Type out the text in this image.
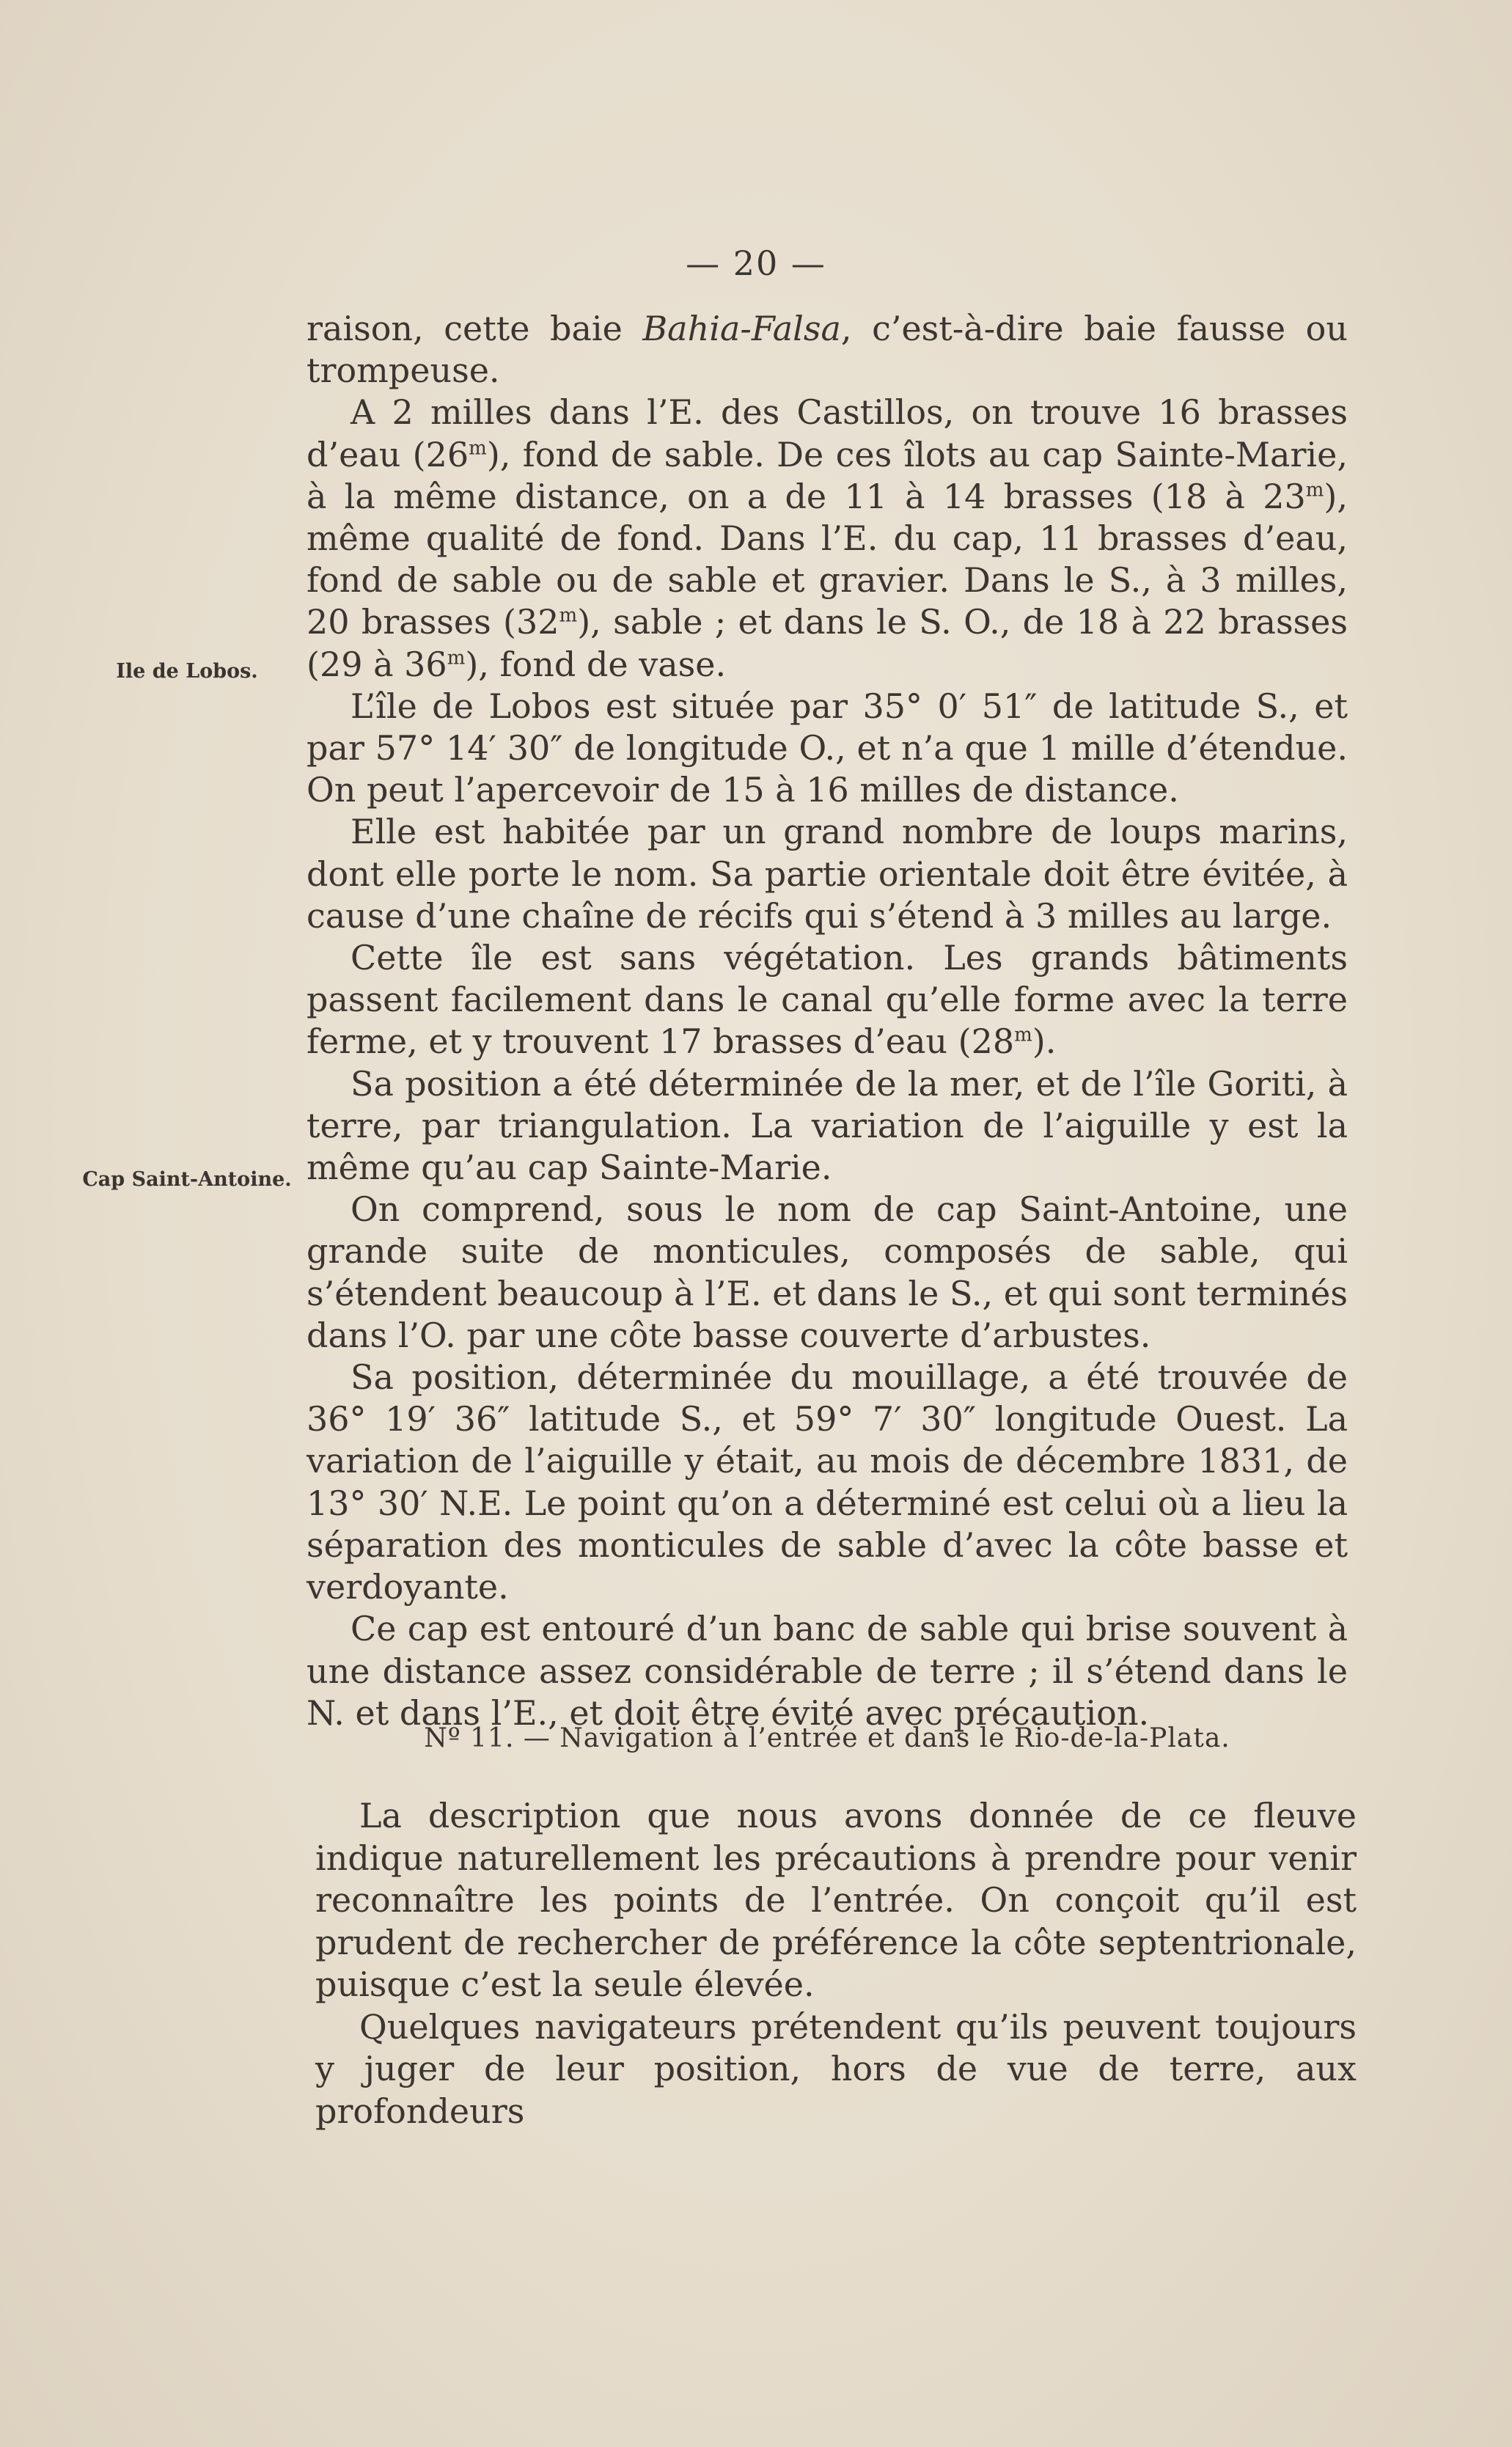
— 20 —
Ile de Lobos.
Cap Saint-Antoine.

raison, cette baie Bahia-Falsa, c’est-à-dire baie fausse ou trompeuse.

A 2 milles dans l’E. des Castillos, on trouve 16 brasses d’eau (26$^m$), fond de sable. De ces îlots au cap Sainte-Marie, à la même distance, on a de 11 à 14 brasses (18 à 23$^m$), même qualité de fond. Dans l’E. du cap, 11 brasses d’eau, fond de sable ou de sable et gravier. Dans le S., à 3 milles, 20 brasses (32$^m$), sable ; et dans le S. O., de 18 à 22 brasses (29 à 36$^m$), fond de vase.

L’île de Lobos est située par 35° 0′ 51″ de latitude S., et par 57° 14′ 30″ de longitude O., et n’a que 1 mille d’étendue. On peut l’apercevoir de 15 à 16 milles de distance.

Elle est habitée par un grand nombre de loups marins, dont elle porte le nom. Sa partie orientale doit être évitée, à cause d’une chaîne de récifs qui s’étend à 3 milles au large.

Cette île est sans végétation. Les grands bâtiments passent facilement dans le canal qu’elle forme avec la terre ferme, et y trouvent 17 brasses d’eau (28$^m$).

Sa position a été déterminée de la mer, et de l’île Goriti, à terre, par triangulation. La variation de l’aiguille y est la même qu’au cap Sainte-Marie.

On comprend, sous le nom de cap Saint-Antoine, une grande suite de monticules, composés de sable, qui s’étendent beaucoup à l’E. et dans le S., et qui sont terminés dans l’O. par une côte basse couverte d’arbustes.

Sa position, déterminée du mouillage, a été trouvée de 36° 19′ 36″ latitude S., et 59° 7′ 30″ longitude Ouest. La variation de l’aiguille y était, au mois de décembre 1831, de 13° 30′ N.E. Le point qu’on a déterminé est celui où a lieu la séparation des monticules de sable d’avec la côte basse et verdoyante.

Ce cap est entouré d’un banc de sable qui brise souvent à une distance assez considérable de terre ; il s’étend dans le N. et dans l’E., et doit être évité avec précaution.

Nº 11. — Navigation à l’entrée et dans le Rio-de-la-Plata.

La description que nous avons donnée de ce fleuve indique naturellement les précautions à prendre pour venir reconnaître les points de l’entrée. On conçoit qu’il est prudent de rechercher de préférence la côte septentrionale, puisque c’est la seule élevée.

Quelques navigateurs prétendent qu’ils peuvent toujours y juger de leur position, hors de vue de terre, aux profondeurs
